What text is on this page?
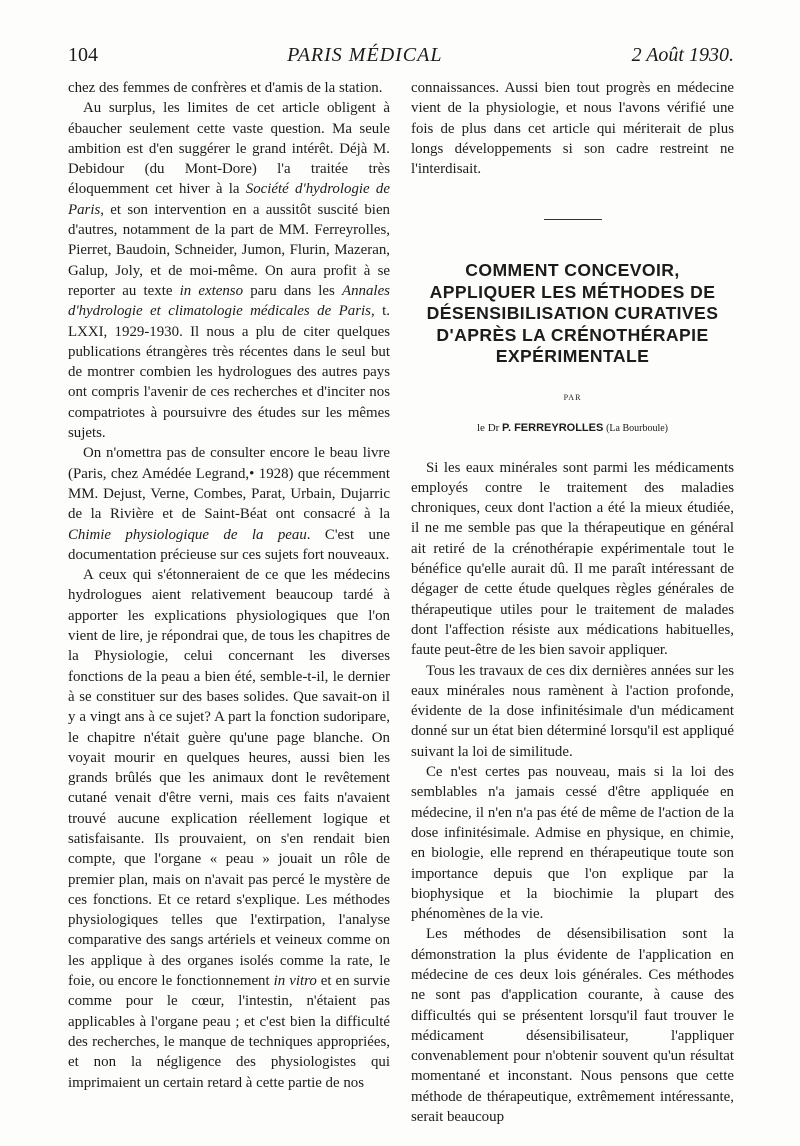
104	PARIS MÉDICAL	2 Août 1930.

chez des femmes de confrères et d'amis de la station.

Au surplus, les limites de cet article obligent à ébaucher seulement cette vaste question. Ma seule ambition est d'en suggérer le grand intérêt. Déjà M. Debidour (du Mont-Dore) l'a traitée très éloquemment cet hiver à la Société d'hydrologie de Paris, et son intervention en a aussitôt suscité bien d'autres, notamment de la part de MM. Ferreyrolles, Pierret, Baudoin, Schneider, Jumon, Flurin, Mazeran, Galup, Joly, et de moi-même. On aura profit à se reporter au texte in extenso paru dans les Annales d'hydrologie et climatologie médicales de Paris, t. LXXI, 1929-1930. Il nous a plu de citer quelques publications étrangères très récentes dans le seul but de montrer combien les hydrologues des autres pays ont compris l'avenir de ces recherches et d'inciter nos compatriotes à poursuivre des études sur les mêmes sujets.

On n'omettra pas de consulter encore le beau livre (Paris, chez Amédée Legrand,• 1928) que récemment MM. Dejust, Verne, Combes, Parat, Urbain, Dujarric de la Rivière et de Saint-Béat ont consacré à la Chimie physiologique de la peau. C'est une documentation précieuse sur ces sujets fort nouveaux.

A ceux qui s'étonneraient de ce que les médecins hydrologues aient relativement beaucoup tardé à apporter les explications physiologiques que l'on vient de lire, je répondrai que, de tous les chapitres de la Physiologie, celui concernant les diverses fonctions de la peau a bien été, semble-t-il, le dernier à se constituer sur des bases solides. Que savait-on il y a vingt ans à ce sujet? A part la fonction sudoripare, le chapitre n'était guère qu'une page blanche. On voyait mourir en quelques heures, aussi bien les grands brûlés que les animaux dont le revêtement cutané venait d'être verni, mais ces faits n'avaient trouvé aucune explication réellement logique et satisfaisante. Ils prouvaient, on s'en rendait bien compte, que l'organe « peau » jouait un rôle de premier plan, mais on n'avait pas percé le mystère de ces fonctions. Et ce retard s'explique. Les méthodes physiologiques telles que l'extirpation, l'analyse comparative des sangs artériels et veineux comme on les applique à des organes isolés comme la rate, le foie, ou encore le fonctionnement in vitro et en survie comme pour le cœur, l'intestin, n'étaient pas applicables à l'organe peau ; et c'est bien la difficulté des recherches, le manque de techniques appropriées, et non la négligence des physiologistes qui imprimaient un certain retard à cette partie de nos

connaissances. Aussi bien tout progrès en médecine vient de la physiologie, et nous l'avons vérifié une fois de plus dans cet article qui mériterait de plus longs développements si son cadre restreint ne l'interdisait.

COMMENT CONCEVOIR, APPLIQUER LES MÉTHODES DE DÉSENSIBILISATION CURATIVES D'APRÈS LA CRÉNOTHÉRAPIE EXPÉRIMENTALE
PAR
le Dr P. FERREYROLLES (La Bourboule)

Si les eaux minérales sont parmi les médicaments employés contre le traitement des maladies chroniques, ceux dont l'action a été la mieux étudiée, il ne me semble pas que la thérapeutique en général ait retiré de la crénothérapie expérimentale tout le bénéfice qu'elle aurait dû. Il me paraît intéressant de dégager de cette étude quelques règles générales de thérapeutique utiles pour le traitement de malades dont l'affection résiste aux médications habituelles, faute peut-être de les bien savoir appliquer.

Tous les travaux de ces dix dernières années sur les eaux minérales nous ramènent à l'action profonde, évidente de la dose infinitésimale d'un médicament donné sur un état bien déterminé lorsqu'il est appliqué suivant la loi de similitude.

Ce n'est certes pas nouveau, mais si la loi des semblables n'a jamais cessé d'être appliquée en médecine, il n'en n'a pas été de même de l'action de la dose infinitésimale. Admise en physique, en chimie, en biologie, elle reprend en thérapeutique toute son importance depuis que l'on explique par la biophysique et la biochimie la plupart des phénomènes de la vie.

Les méthodes de désensibilisation sont la démonstration la plus évidente de l'application en médecine de ces deux lois générales. Ces méthodes ne sont pas d'application courante, à cause des difficultés qui se présentent lorsqu'il faut trouver le médicament désensibilisateur, l'appliquer convenablement pour n'obtenir souvent qu'un résultat momentané et inconstant. Nous pensons que cette méthode de thérapeutique, extrêmement intéressante, serait beaucoup
